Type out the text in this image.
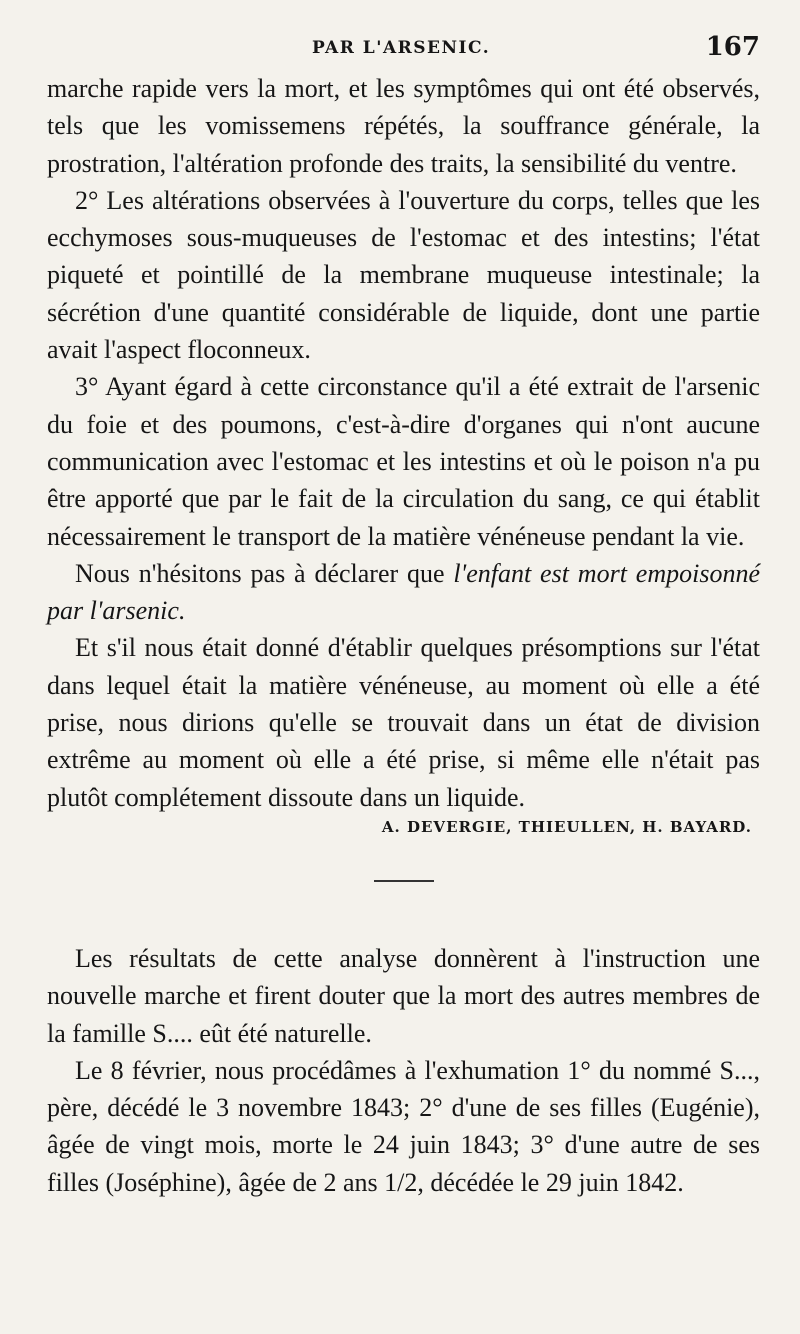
PAR L'ARSENIC.	167

marche rapide vers la mort, et les symptômes qui ont été observés, tels que les vomissemens répétés, la souffrance générale, la prostration, l'altération profonde des traits, la sensibilité du ventre.

2° Les altérations observées à l'ouverture du corps, telles que les ecchymoses sous-muqueuses de l'estomac et des intestins; l'état piqueté et pointillé de la membrane muqueuse intestinale; la sécrétion d'une quantité considérable de liquide, dont une partie avait l'aspect floconneux.

3° Ayant égard à cette circonstance qu'il a été extrait de l'arsenic du foie et des poumons, c'est-à-dire d'organes qui n'ont aucune communication avec l'estomac et les intestins et où le poison n'a pu être apporté que par le fait de la circulation du sang, ce qui établit nécessairement le transport de la matière vénéneuse pendant la vie.

Nous n'hésitons pas à déclarer que l'enfant est mort empoisonné par l'arsenic.

Et s'il nous était donné d'établir quelques présomptions sur l'état dans lequel était la matière vénéneuse, au moment où elle a été prise, nous dirions qu'elle se trouvait dans un état de division extrême au moment où elle a été prise, si même elle n'était pas plutôt complétement dissoute dans un liquide.

A. DEVERGIE, THIEULLEN, H. BAYARD.

Les résultats de cette analyse donnèrent à l'instruction une nouvelle marche et firent douter que la mort des autres membres de la famille S.... eût été naturelle.

Le 8 février, nous procédâmes à l'exhumation 1° du nommé S..., père, décédé le 3 novembre 1843; 2° d'une de ses filles (Eugénie), âgée de vingt mois, morte le 24 juin 1843; 3° d'une autre de ses filles (Joséphine), âgée de 2 ans 1/2, décédée le 29 juin 1842.
